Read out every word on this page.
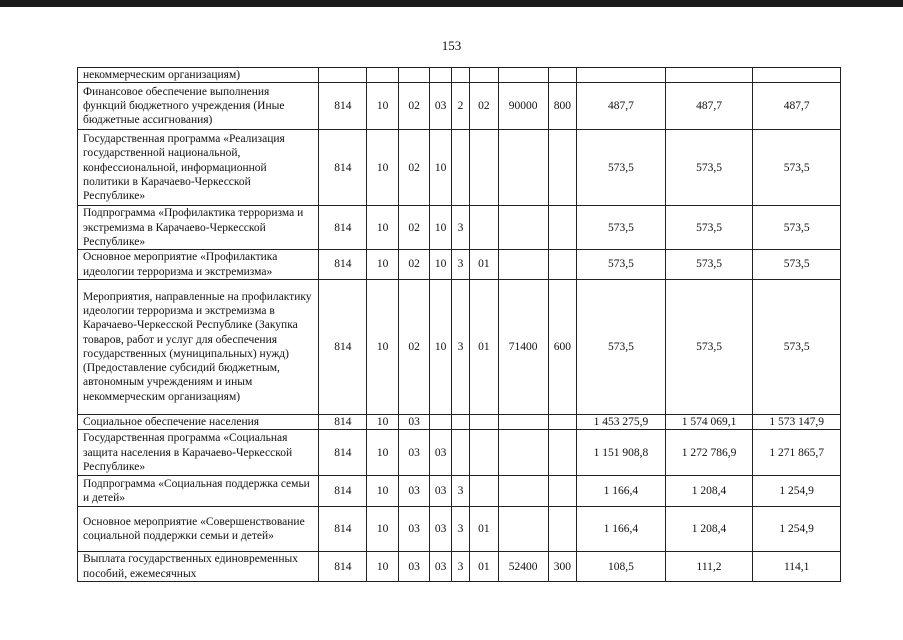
153
некоммерческим организациям)											
Финансовое обеспечение выполнения функций бюджетного учреждения (Иные бюджетные ассигнования)	814	10	02	03	2	02	90000	800	487,7	487,7	487,7
Государственная программа «Реализация государственной национальной, конфессиональной, информационной политики в Карачаево-Черкесской Республике»	814	10	02	10					573,5	573,5	573,5
Подпрограмма «Профилактика терроризма и экстремизма в Карачаево-Черкесской Республике»	814	10	02	10	3				573,5	573,5	573,5
Основное мероприятие «Профилактика идеологии терроризма и экстремизма»	814	10	02	10	3	01			573,5	573,5	573,5
Мероприятия, направленные на профилактику идеологии терроризма и экстремизма в Карачаево-Черкесской Республике (Закупка товаров, работ и услуг для обеспечения государственных (муниципальных) нужд) (Предоставление субсидий бюджетным, автономным учреждениям и иным некоммерческим организациям)	814	10	02	10	3	01	71400	600	573,5	573,5	573,5
Социальное обеспечение населения	814	10	03						1 453 275,9	1 574 069,1	1 573 147,9
Государственная программа «Социальная защита населения в Карачаево-Черкесской Республике»	814	10	03	03					1 151 908,8	1 272 786,9	1 271 865,7
Подпрограмма «Социальная поддержка семьи и детей»	814	10	03	03	3				1 166,4	1 208,4	1 254,9
Основное мероприятие «Совершенствование социальной поддержки семьи и детей»	814	10	03	03	3	01			1 166,4	1 208,4	1 254,9
Выплата государственных единовременных пособий, ежемесячных	814	10	03	03	3	01	52400	300	108,5	111,2	114,1
